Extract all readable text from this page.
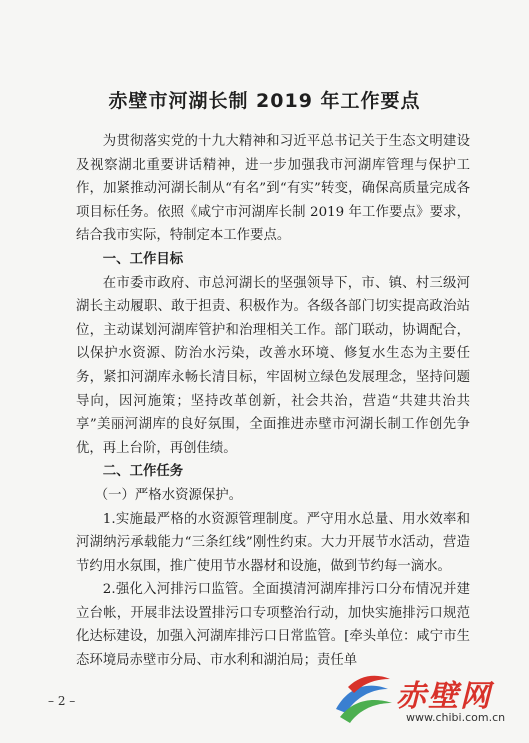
赤壁市河湖长制 2019 年工作要点

为贯彻落实党的十九大精神和习近平总书记关于生态文明建设及视察湖北重要讲话精神，进一步加强我市河湖库管理与保护工作，加紧推动河湖长制从“有名”到“有实”转变，确保高质量完成各项目标任务。依照《咸宁市河湖库长制 2019 年工作要点》要求，结合我市实际，特制定本工作要点。

一、工作目标

在市委市政府、市总河湖长的坚强领导下，市、镇、村三级河湖长主动履职、敢于担责、积极作为。各级各部门切实提高政治站位，主动谋划河湖库管护和治理相关工作。部门联动，协调配合，以保护水资源、防治水污染，改善水环境、修复水生态为主要任务，紧扣河湖库永畅长清目标，牢固树立绿色发展理念，坚持问题导向，因河施策；坚持改革创新，社会共治，营造“共建共治共享”美丽河湖库的良好氛围，全面推进赤壁市河湖长制工作创先争优，再上台阶，再创佳绩。

二、工作任务

（一）严格水资源保护。

1.实施最严格的水资源管理制度。严守用水总量、用水效率和河湖纳污承载能力“三条红线”刚性约束。大力开展节水活动，营造节约用水氛围，推广使用节水器材和设施，做到节约每一滴水。

2.强化入河排污口监管。全面摸清河湖库排污口分布情况并建立台帐，开展非法设置排污口专项整治行动，加快实施排污口规范化达标建设，加强入河湖库排污口日常监管。[牵头单位：咸宁市生态环境局赤壁市分局、市水利和湖泊局；责任单

– 2 –	赤壁网
www.chibi.com.cn
